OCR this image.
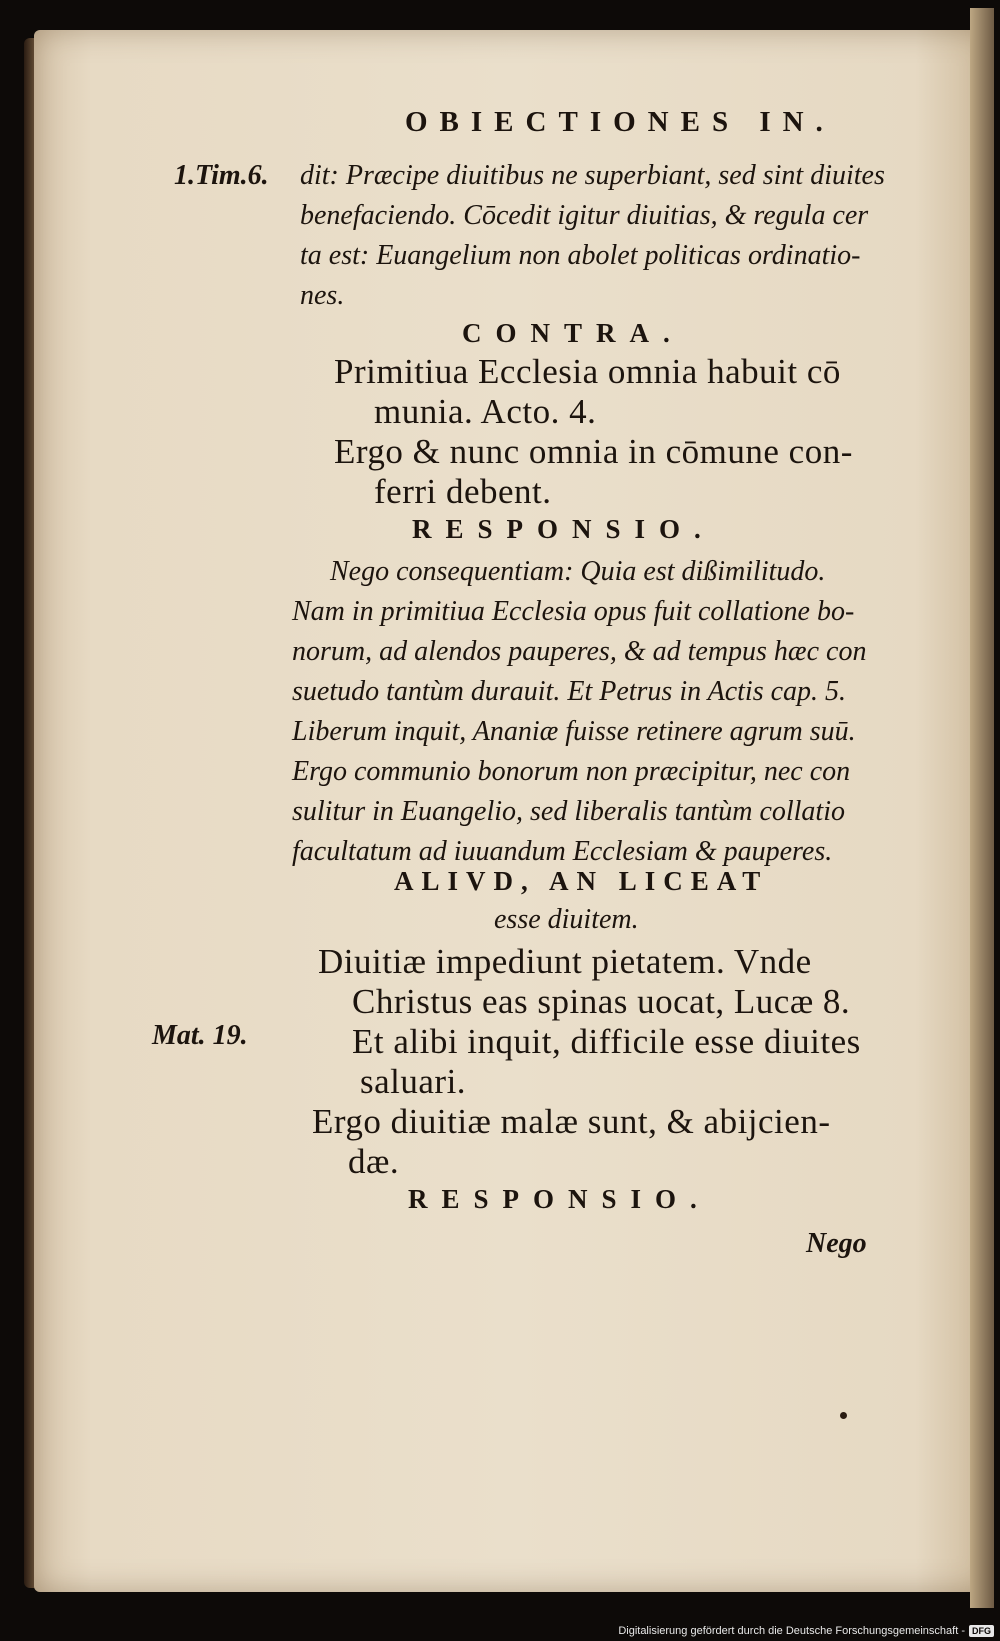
OBIECTIONES IN.
1.Tim.6. dit: Præcipe diuitibus ne superbiant, sed sint diuites
benefaciendo. Cōcedit igitur diuitias, & regula cer
ta est: Euangelium non abolet politicas ordinatio-
nes.
CONTRA.
Primitiua Ecclesia omnia habuit cō
munia. Acto. 4.
Ergo & nunc omnia in cōmune con-
ferri debent.
RESPONSIO.
Nego consequentiam: Quia est dißimilitudo.
Nam in primitiua Ecclesia opus fuit collatione bo-
norum, ad alendos pauperes, & ad tempus hæc con
suetudo tantùm durauit. Et Petrus in Actis cap. 5.
Liberum inquit, Ananiæ fuisse retinere agrum suū.
Ergo communio bonorum non præcipitur, nec con
sulitur in Euangelio, sed liberalis tantùm collatio
facultatum ad iuuandum Ecclesiam & pauperes.
ALIVD, AN LICEAT
esse diuitem.
Mat. 19.
Diuitiæ impediunt pietatem. Vnde
Christus eas spinas uocat, Lucæ 8.
Et alibi inquit, difficile esse diuites
saluari.
Ergo diuitiæ malæ sunt, & abijcien-
dæ.
RESPONSIO.
Nego
Digitalisierung gefördert durch die Deutsche Forschungsgemeinschaft - DFG
